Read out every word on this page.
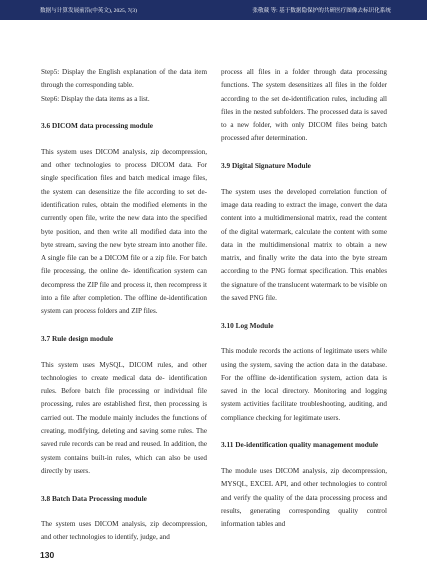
数据与计算发展前沿(中英文), 2025, 7(3)	张敬葳 等: 基于数据隐保护的共研医疗图像去标识化系统

Step5: Display the English explanation of the data item through the corresponding table.

Step6: Display the data items as a list.

3.6 DICOM data processing module

This system uses DICOM analysis, zip decompression, and other technologies to process DICOM data. For single specification files and batch medical image files, the system can desensitize the file according to set de- identification rules, obtain the modified elements in the currently open file, write the new data into the specified byte position, and then write all modified data into the byte stream, saving the new byte stream into another file. A single file can be a DICOM file or a zip file. For batch file processing, the online de- identification system can decompress the ZIP file and process it, then recompress it into a file after completion. The offline de-identification system can process folders and ZIP files.

3.7 Rule design module

This system uses MySQL, DICOM rules, and other technologies to create medical data de- identification rules. Before batch file processing or individual file processing, rules are established first, then processing is carried out. The module mainly includes the functions of creating, modifying, deleting and saving some rules. The saved rule records can be read and reused. In addition, the system contains built-in rules, which can also be used directly by users.

3.8 Batch Data Processing module

The system uses DICOM analysis, zip decompression, and other technologies to identify, judge, and

process all files in a folder through data processing functions. The system desensitizes all files in the folder according to the set de-identification rules, including all files in the nested subfolders. The processed data is saved to a new folder, with only DICOM files being batch processed after determination.

3.9 Digital Signature Module

The system uses the developed correlation function of image data reading to extract the image, convert the data content into a multidimensional matrix, read the content of the digital watermark, calculate the content with some data in the multidimensional matrix to obtain a new matrix, and finally write the data into the byte stream according to the PNG format specification. This enables the signature of the translucent watermark to be visible on the saved PNG file.

3.10 Log Module

This module records the actions of legitimate users while using the system, saving the action data in the database. For the offline de-identification system, action data is saved in the local directory. Monitoring and logging system activities facilitate troubleshooting, auditing, and compliance checking for legitimate users.

3.11 De-identification quality management module

The module uses DICOM analysis, zip decompression, MYSQL, EXCEL API, and other technologies to control and verify the quality of the data processing process and results, generating corresponding quality control information tables and

130
